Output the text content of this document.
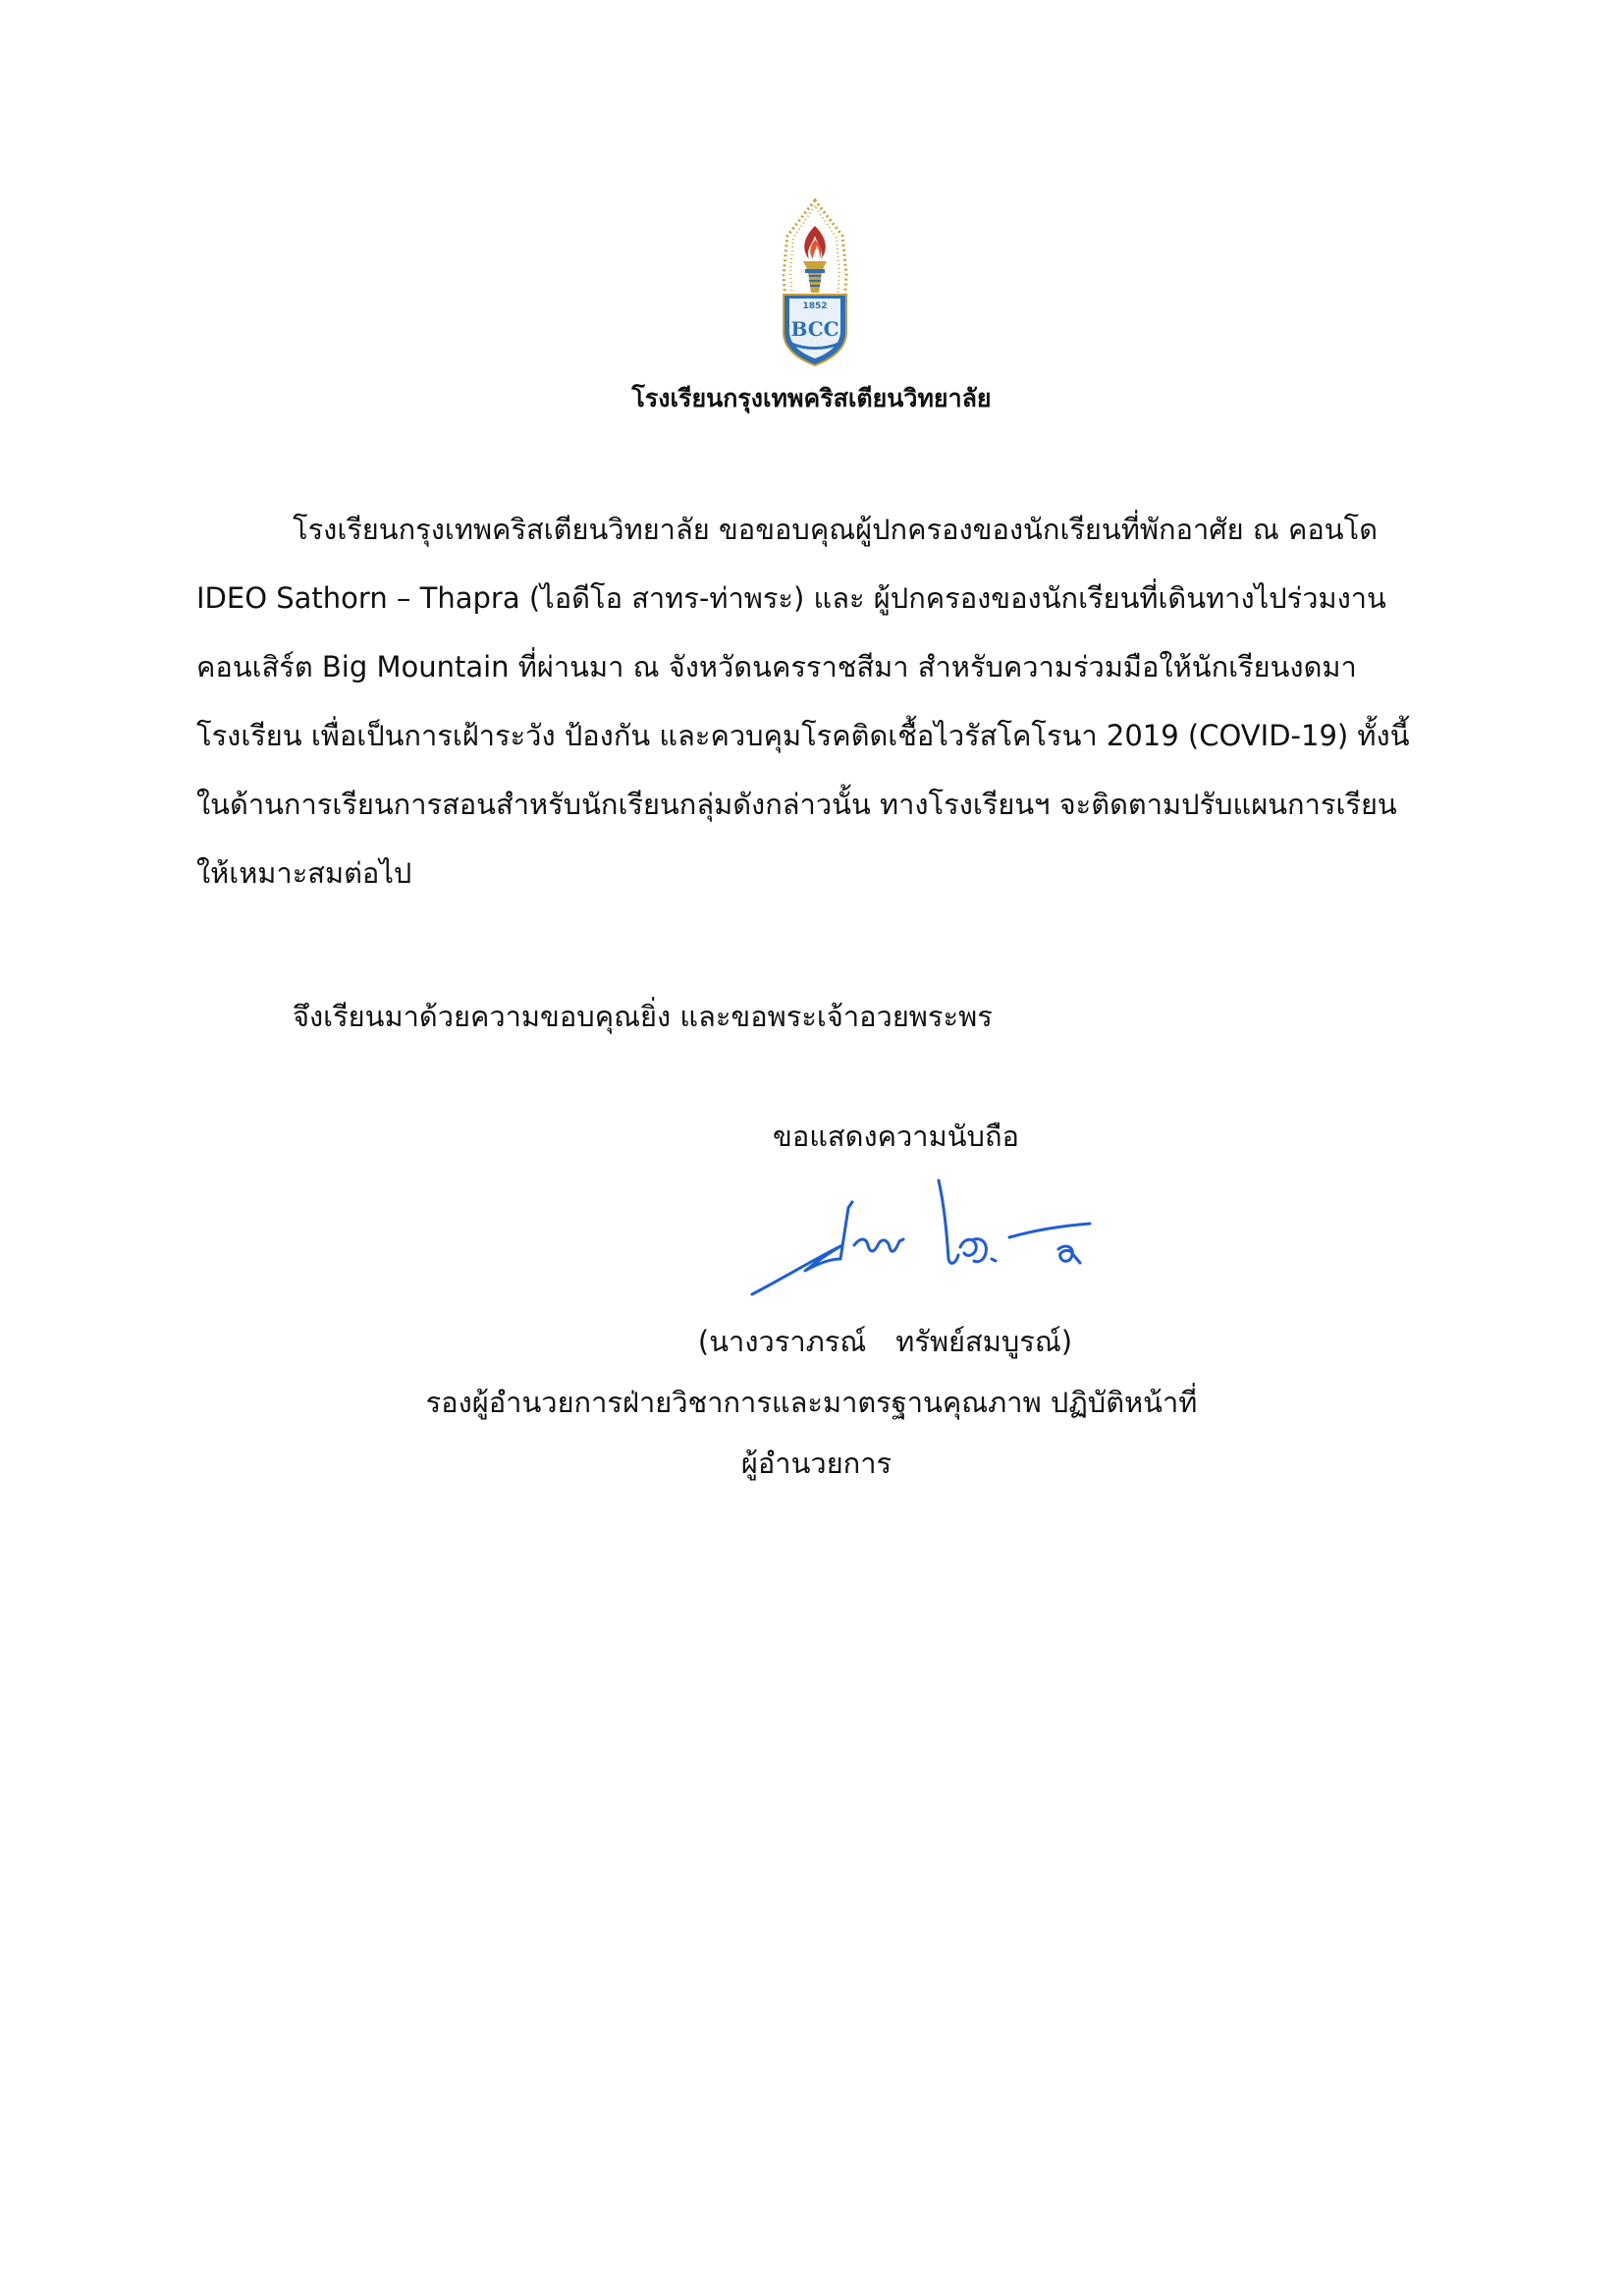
1852
BCC
โรงเรียนกรุงเทพคริสเตียนวิทยาลัย
โรงเรียนกรุงเทพคริสเตียนวิทยาลัย ขอขอบคุณผู้ปกครองของนักเรียนที่พักอาศัย ณ คอนโด
IDEO Sathorn – Thapra (ไอดีโอ สาทร-ท่าพระ) และ ผู้ปกครองของนักเรียนที่เดินทางไปร่วมงาน
คอนเสิร์ต Big Mountain ที่ผ่านมา ณ จังหวัดนครราชสีมา สำหรับความร่วมมือให้นักเรียนงดมา
โรงเรียน เพื่อเป็นการเฝ้าระวัง ป้องกัน และควบคุมโรคติดเชื้อไวรัสโคโรนา 2019 (COVID-19) ทั้งนี้
ในด้านการเรียนการสอนสำหรับนักเรียนกลุ่มดังกล่าวนั้น ทางโรงเรียนฯ จะติดตามปรับแผนการเรียน
ให้เหมาะสมต่อไป
จึงเรียนมาด้วยความขอบคุณยิ่ง และขอพระเจ้าอวยพระพร
ขอแสดงความนับถือ
(นางวราภรณ์ ทรัพย์สมบูรณ์)
รองผู้อำนวยการฝ่ายวิชาการและมาตรฐานคุณภาพ ปฏิบัติหน้าที่
ผู้อำนวยการ
